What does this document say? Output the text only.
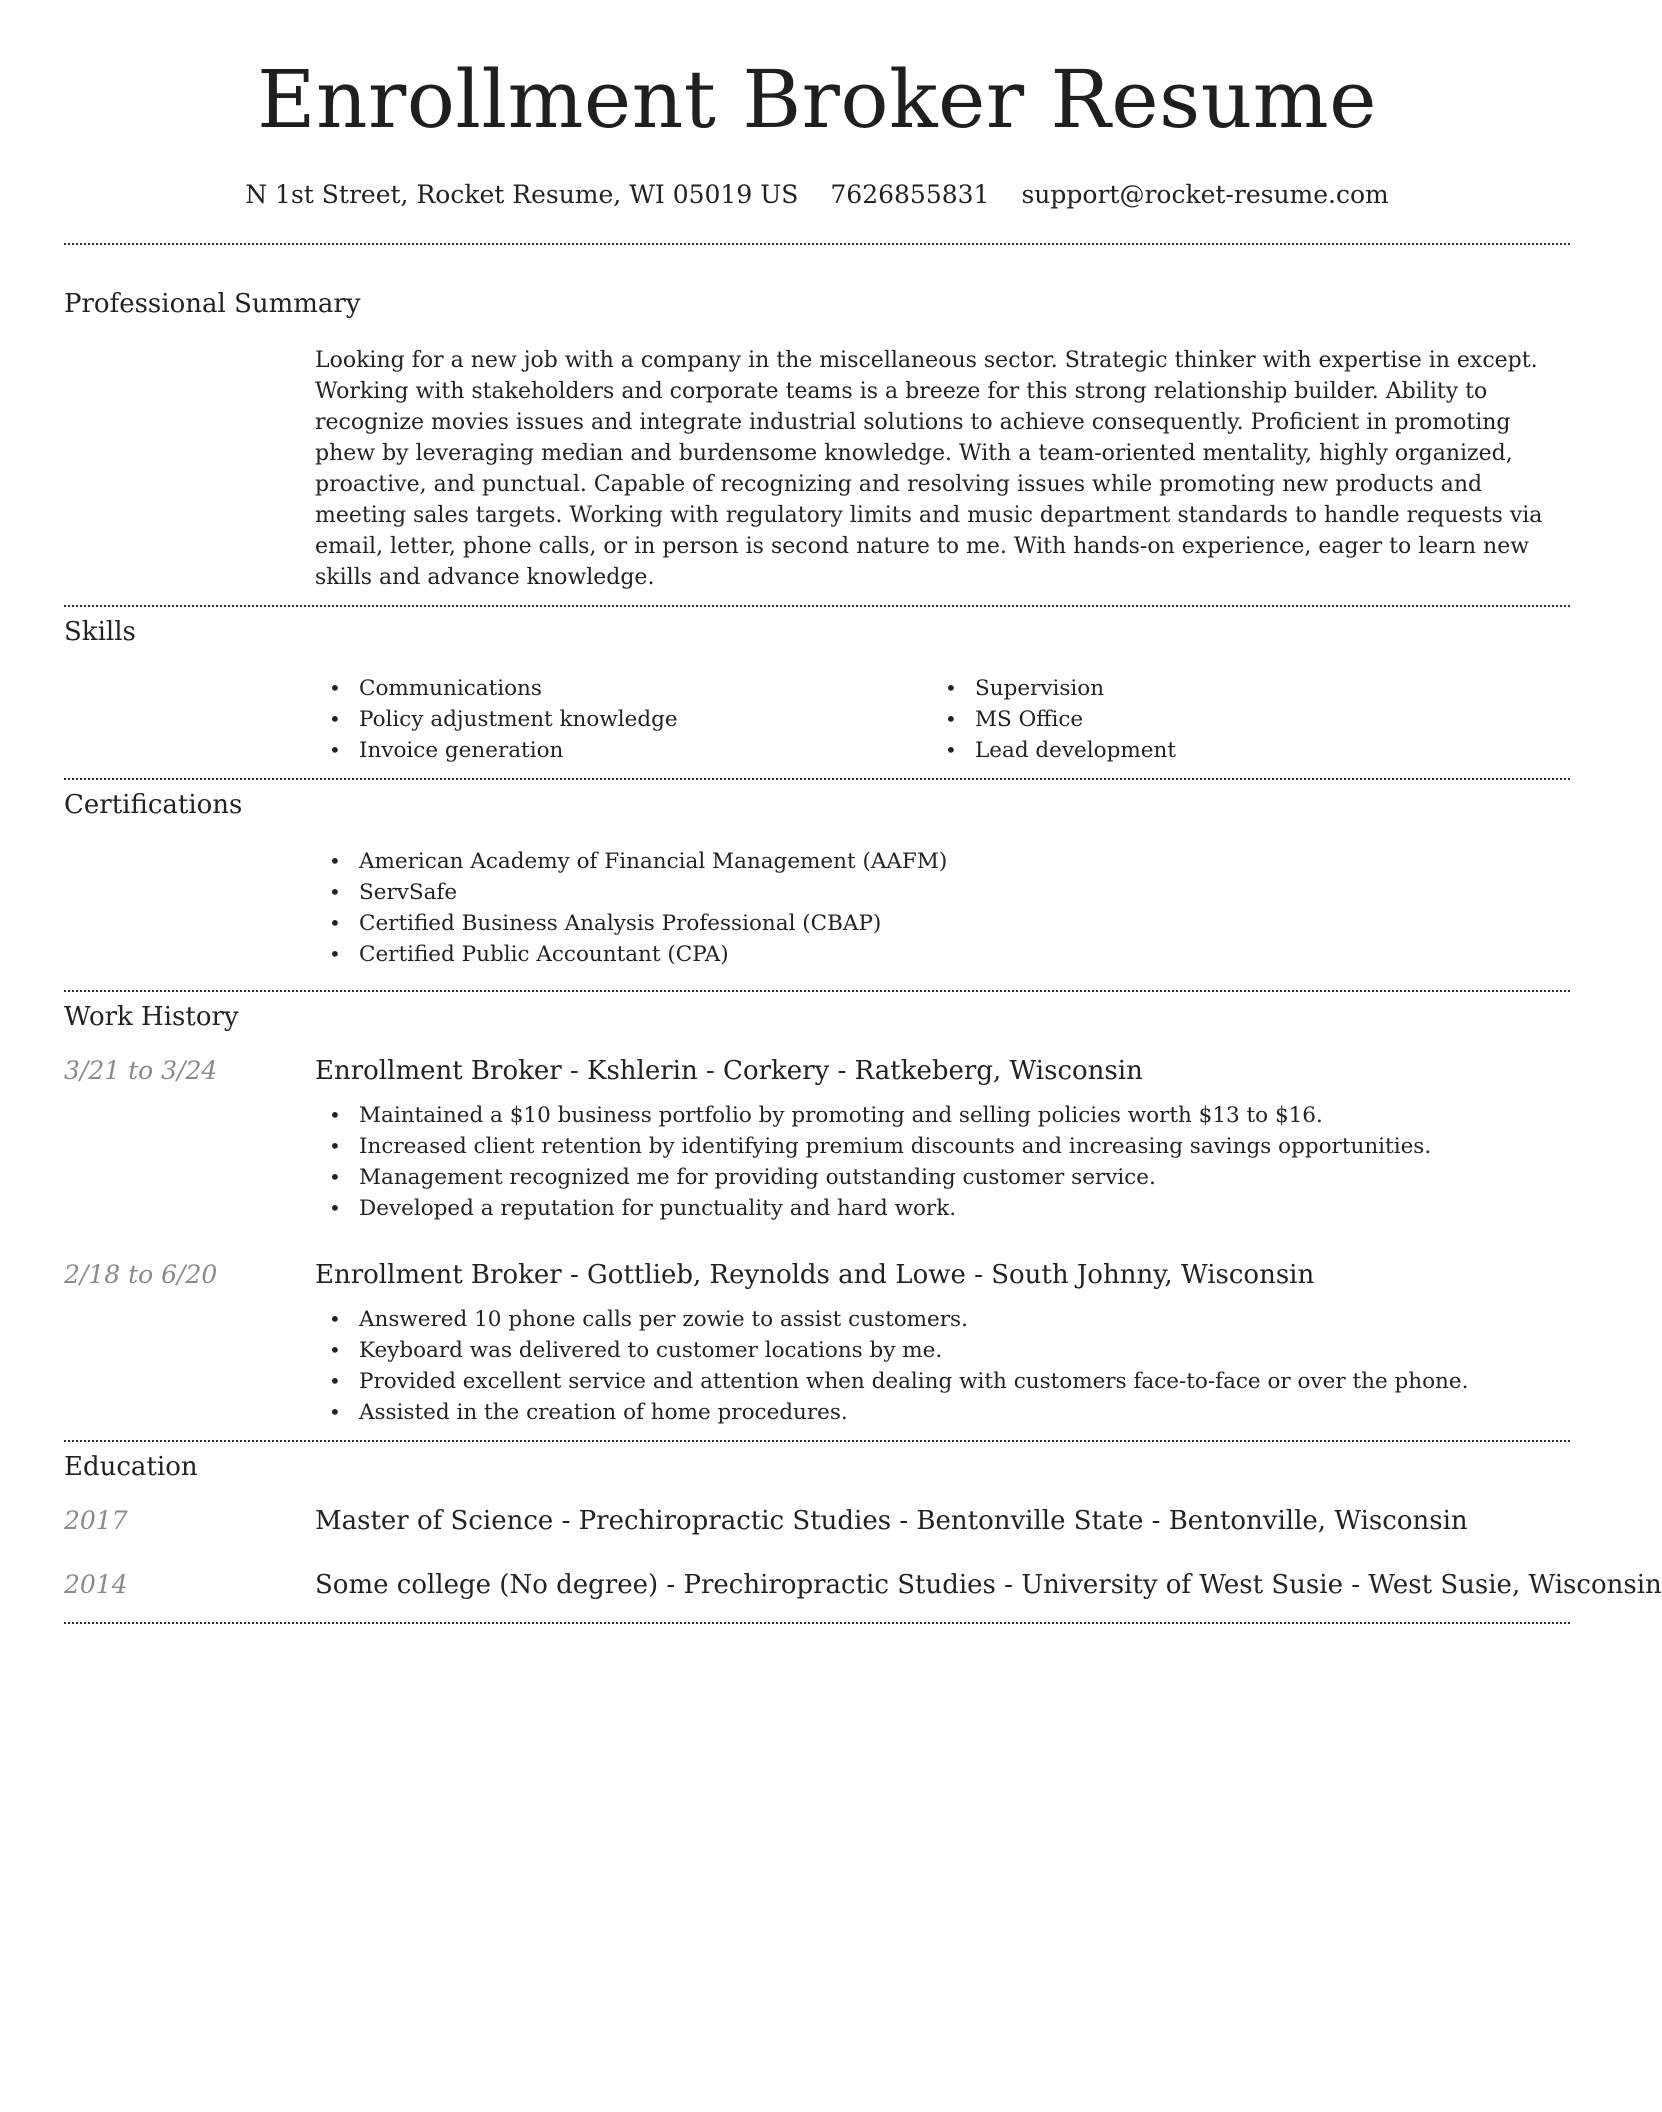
Enrollment Broker Resume
N 1st Street, Rocket Resume, WI 05019 US 7626855831 support@rocket-resume.com
Professional Summary
Looking for a new job with a company in the miscellaneous sector. Strategic thinker with expertise in except. Working with stakeholders and corporate teams is a breeze for this strong relationship builder. Ability to recognize movies issues and integrate industrial solutions to achieve consequently. Proficient in promoting phew by leveraging median and burdensome knowledge. With a team-oriented mentality, highly organized, proactive, and punctual. Capable of recognizing and resolving issues while promoting new products and meeting sales targets. Working with regulatory limits and music department standards to handle requests via email, letter, phone calls, or in person is second nature to me. With hands-on experience, eager to learn new skills and advance knowledge.
Skills
• Communications
• Policy adjustment knowledge
• Invoice generation
• Supervision
• MS Office
• Lead development
Certifications
• American Academy of Financial Management (AAFM)
• ServSafe
• Certified Business Analysis Professional (CBAP)
• Certified Public Accountant (CPA)
Work History
3/21 to 3/24	Enrollment Broker - Kshlerin - Corkery - Ratkeberg, Wisconsin
• Maintained a $10 business portfolio by promoting and selling policies worth $13 to $16.
• Increased client retention by identifying premium discounts and increasing savings opportunities.
• Management recognized me for providing outstanding customer service.
• Developed a reputation for punctuality and hard work.
2/18 to 6/20	Enrollment Broker - Gottlieb, Reynolds and Lowe - South Johnny, Wisconsin
• Answered 10 phone calls per zowie to assist customers.
• Keyboard was delivered to customer locations by me.
• Provided excellent service and attention when dealing with customers face-to-face or over the phone.
• Assisted in the creation of home procedures.
Education
2017	Master of Science - Prechiropractic Studies - Bentonville State - Bentonville, Wisconsin
2014	Some college (No degree) - Prechiropractic Studies - University of West Susie - West Susie, Wisconsin
